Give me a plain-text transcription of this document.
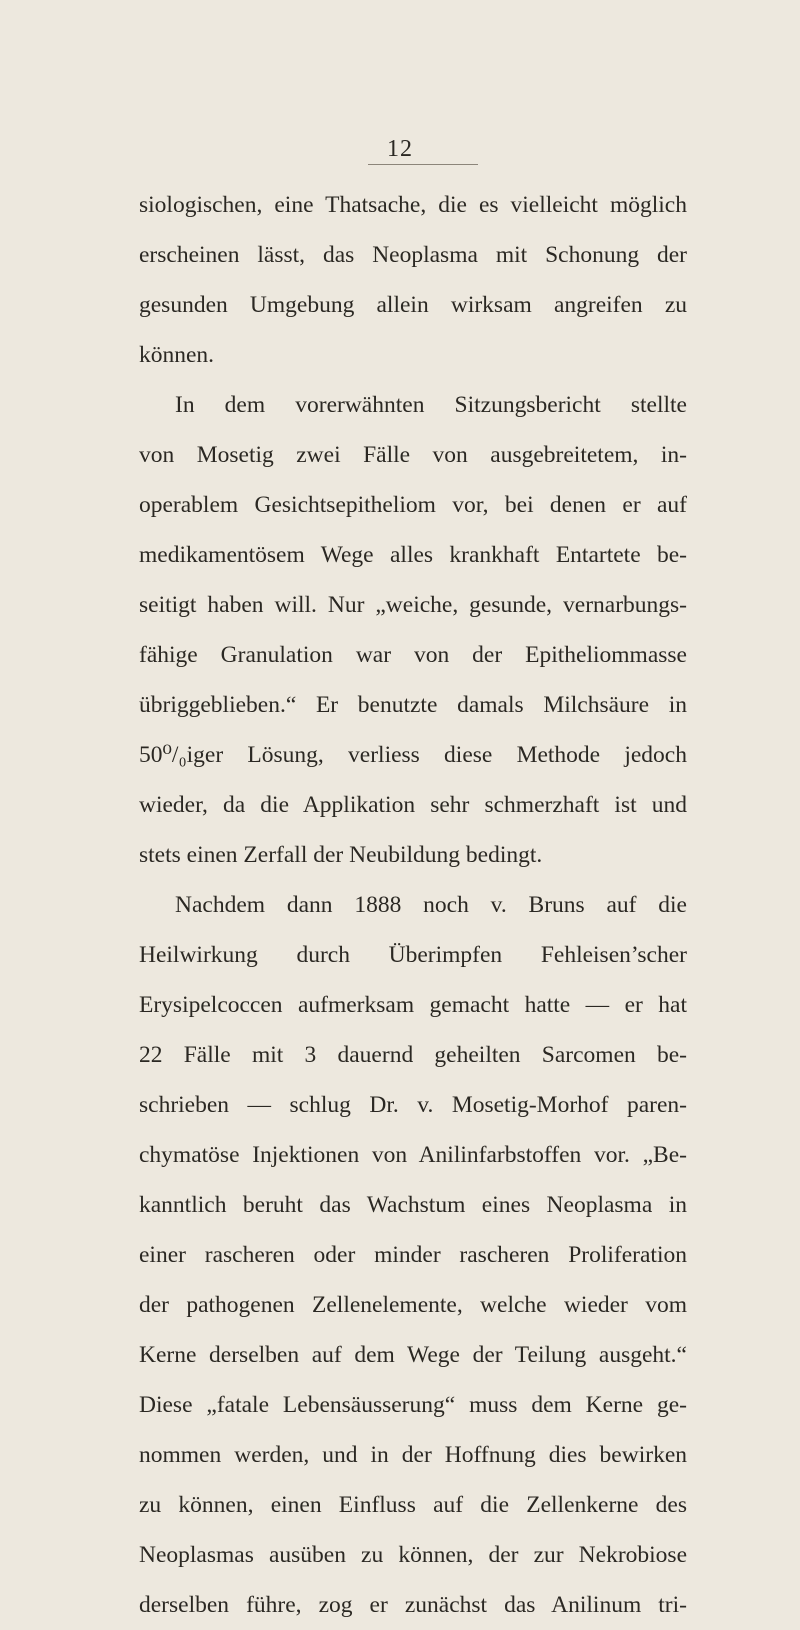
12
siologischen, eine Thatsache, die es vielleicht möglich
erscheinen lässt, das Neoplasma mit Schonung der
gesunden Umgebung allein wirksam angreifen zu
können.
In dem vorerwähnten Sitzungsbericht stellte
von Mosetig zwei Fälle von ausgebreitetem, in-
operablem Gesichtsepitheliom vor, bei denen er auf
medikamentösem Wege alles krankhaft Entartete be-
seitigt haben will. Nur „weiche, gesunde, vernarbungs-
fähige Granulation war von der Epitheliommasse
übriggeblieben.“ Er benutzte damals Milchsäure in
50⁰/₀iger Lösung, verliess diese Methode jedoch
wieder, da die Applikation sehr schmerzhaft ist und
stets einen Zerfall der Neubildung bedingt.
Nachdem dann 1888 noch v. Bruns auf die
Heilwirkung durch Überimpfen Fehleisen’scher
Erysipelcoccen aufmerksam gemacht hatte — er hat
22 Fälle mit 3 dauernd geheilten Sarcomen be-
schrieben — schlug Dr. v. Mosetig-Morhof paren-
chymatöse Injektionen von Anilinfarbstoffen vor. „Be-
kanntlich beruht das Wachstum eines Neoplasma in
einer rascheren oder minder rascheren Proliferation
der pathogenen Zellenelemente, welche wieder vom
Kerne derselben auf dem Wege der Teilung ausgeht.“
Diese „fatale Lebensäusserung“ muss dem Kerne ge-
nommen werden, und in der Hoffnung dies bewirken
zu können, einen Einfluss auf die Zellenkerne des
Neoplasmas ausüben zu können, der zur Nekrobiose
derselben führe, zog er zunächst das Anilinum tri-
